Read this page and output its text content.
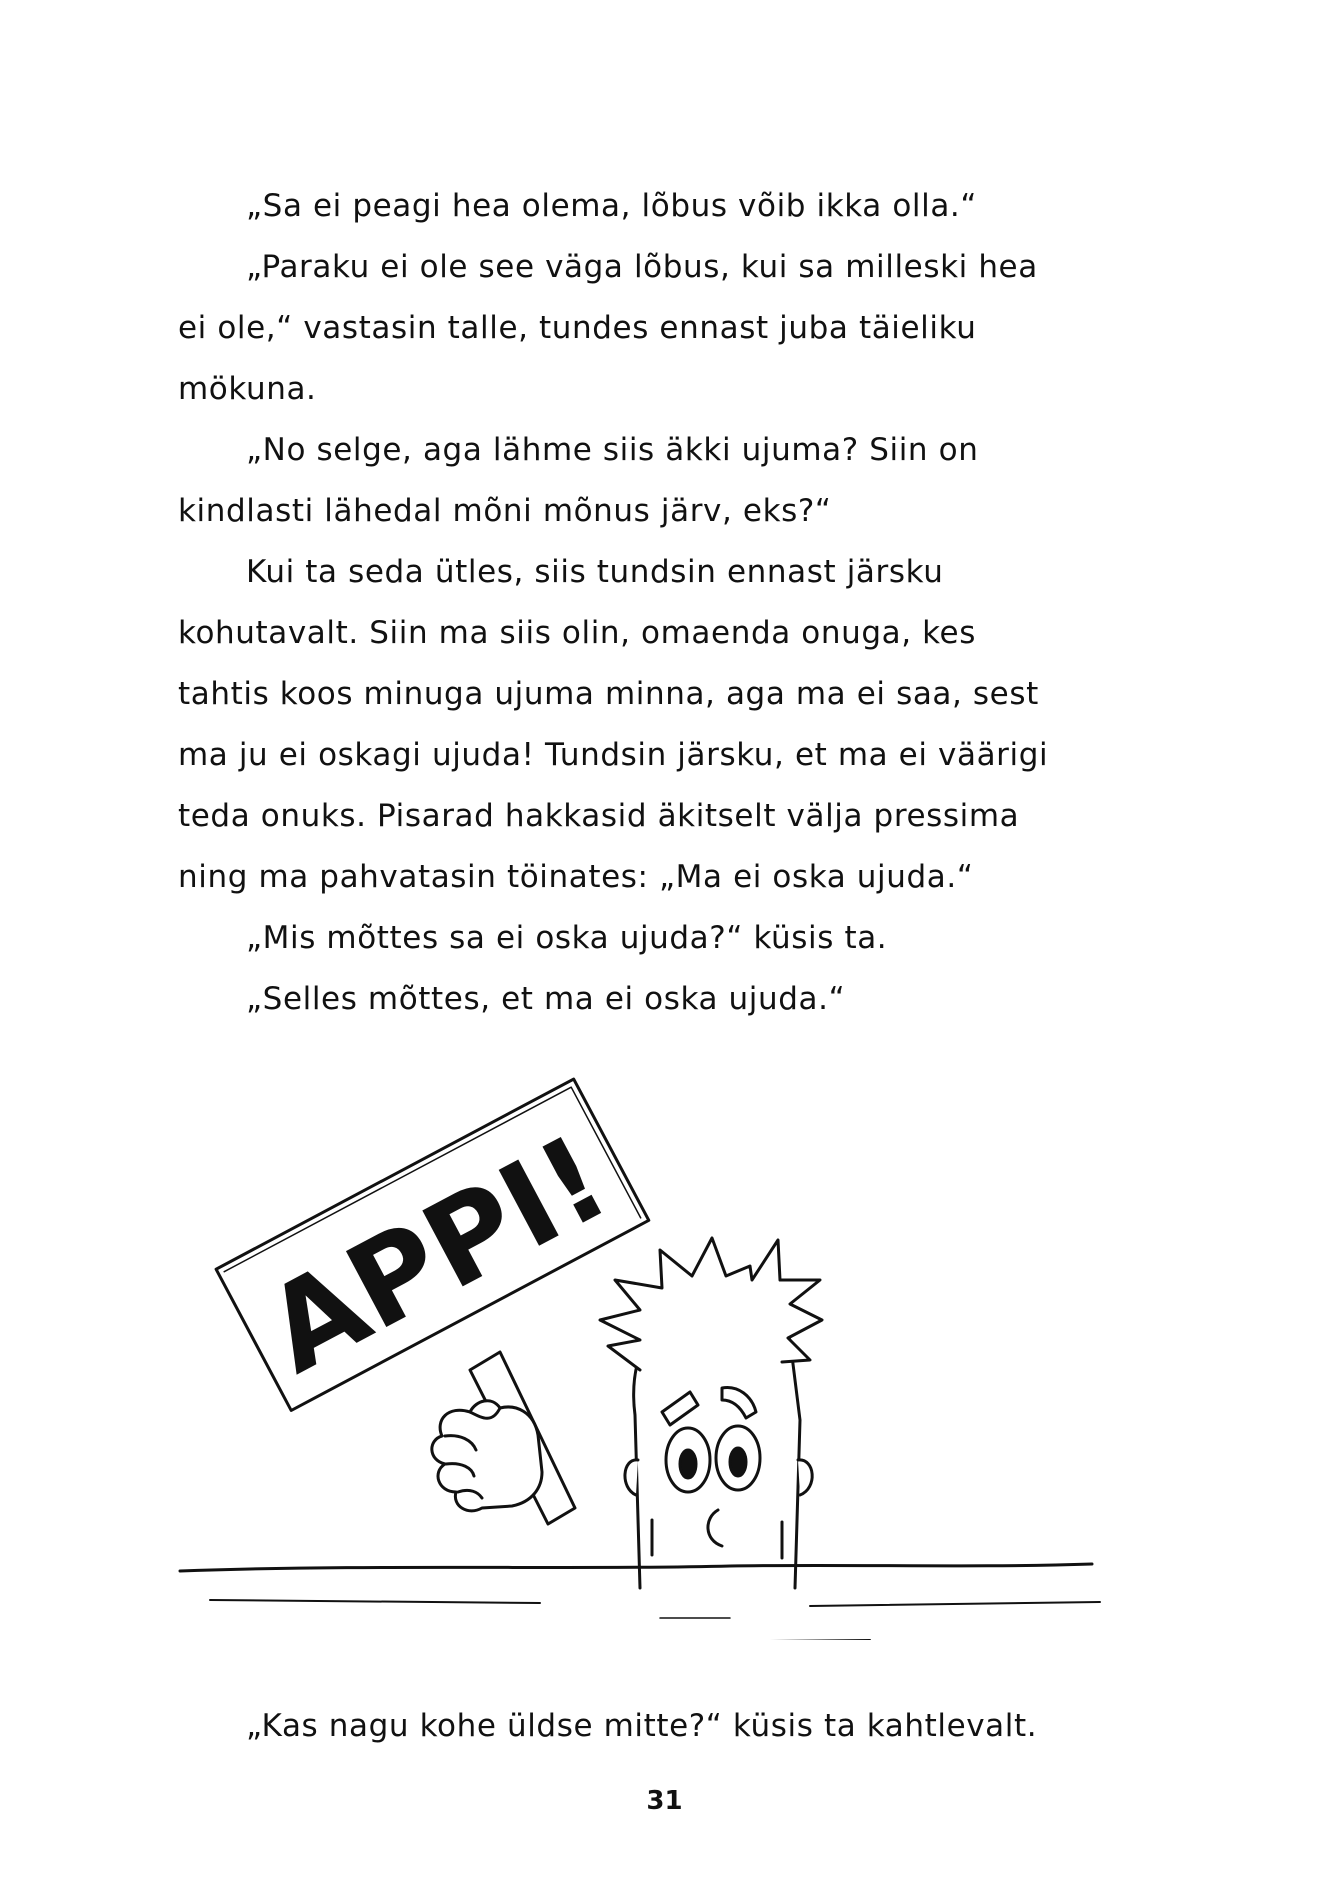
„Sa ei peagi hea olema, lõbus võib ikka olla.“
„Paraku ei ole see väga lõbus, kui sa milleski hea
ei ole,“ vastasin talle, tundes ennast juba täieliku
mökuna.
„No selge, aga lähme siis äkki ujuma? Siin on
kindlasti lähedal mõni mõnus järv, eks?“
Kui ta seda ütles, siis tundsin ennast järsku
kohutavalt. Siin ma siis olin, omaenda onuga, kes
tahtis koos minuga ujuma minna, aga ma ei saa, sest
ma ju ei oskagi ujuda! Tundsin järsku, et ma ei väärigi
teda onuks. Pisarad hakkasid äkitselt välja pressima
ning ma pahvatasin töinates: „Ma ei oska ujuda.“
„Mis mõttes sa ei oska ujuda?“ küsis ta.
„Selles mõttes, et ma ei oska ujuda.“
APPI!
„Kas nagu kohe üldse mitte?“ küsis ta kahtlevalt.
31
